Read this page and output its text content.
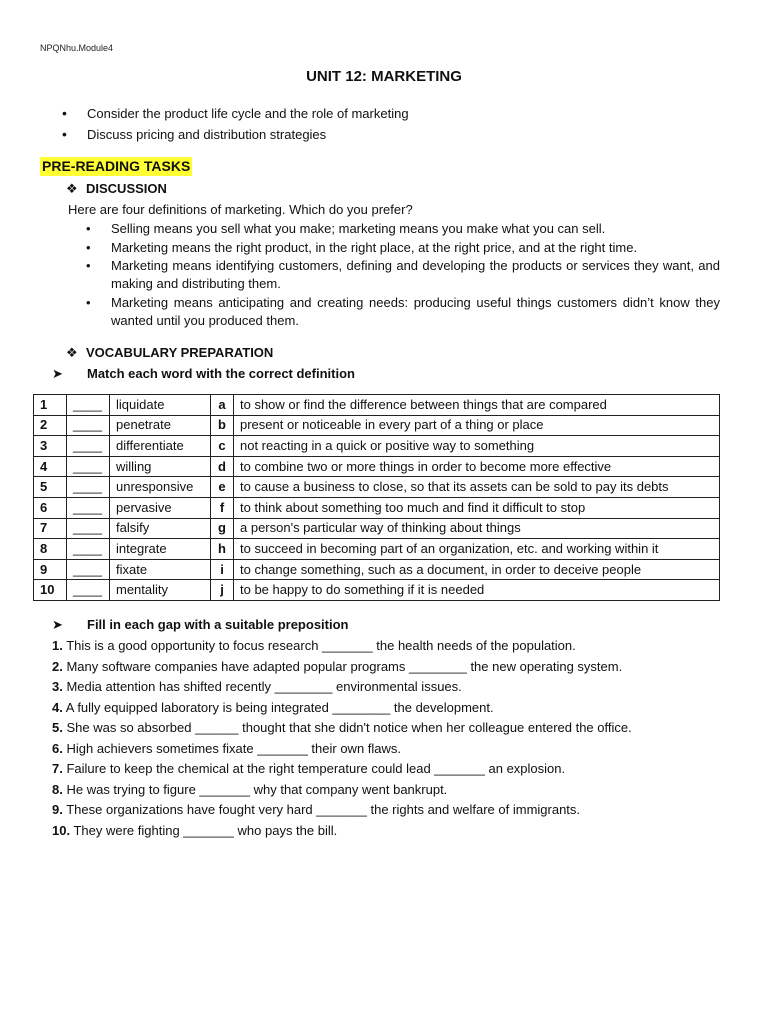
NPQNhu.Module4
UNIT 12: MARKETING
• Consider the product life cycle and the role of marketing
• Discuss pricing and distribution strategies
PRE-READING TASKS
❖ DISCUSSION
Here are four definitions of marketing. Which do you prefer?
• Selling means you sell what you make; marketing means you make what you can sell.
• Marketing means the right product, in the right place, at the right price, and at the right time.
• Marketing means identifying customers, defining and developing the products or services they want, and making and distributing them.
• Marketing means anticipating and creating needs: producing useful things customers didn’t know they wanted until you produced them.
❖ VOCABULARY PREPARATION
➤ Match each word with the correct definition
1	____	liquidate	a	to show or find the difference between things that are compared
2	____	penetrate	b	present or noticeable in every part of a thing or place
3	____	differentiate	c	not reacting in a quick or positive way to something
4	____	willing	d	to combine two or more things in order to become more effective
5	____	unresponsive	e	to cause a business to close, so that its assets can be sold to pay its debts
6	____	pervasive	f	to think about something too much and find it difficult to stop
7	____	falsify	g	a person's particular way of thinking about things
8	____	integrate	h	to succeed in becoming part of an organization, etc. and working within it
9	____	fixate	i	to change something, such as a document, in order to deceive people
10	____	mentality	j	to be happy to do something if it is needed
➤ Fill in each gap with a suitable preposition
1. This is a good opportunity to focus research _______ the health needs of the population.
2. Many software companies have adapted popular programs ________ the new operating system.
3. Media attention has shifted recently ________ environmental issues.
4. A fully equipped laboratory is being integrated ________ the development.
5. She was so absorbed ______ thought that she didn't notice when her colleague entered the office.
6. High achievers sometimes fixate _______ their own flaws.
7. Failure to keep the chemical at the right temperature could lead _______ an explosion.
8. He was trying to figure _______ why that company went bankrupt.
9. These organizations have fought very hard _______ the rights and welfare of immigrants.
10. They were fighting _______ who pays the bill.
